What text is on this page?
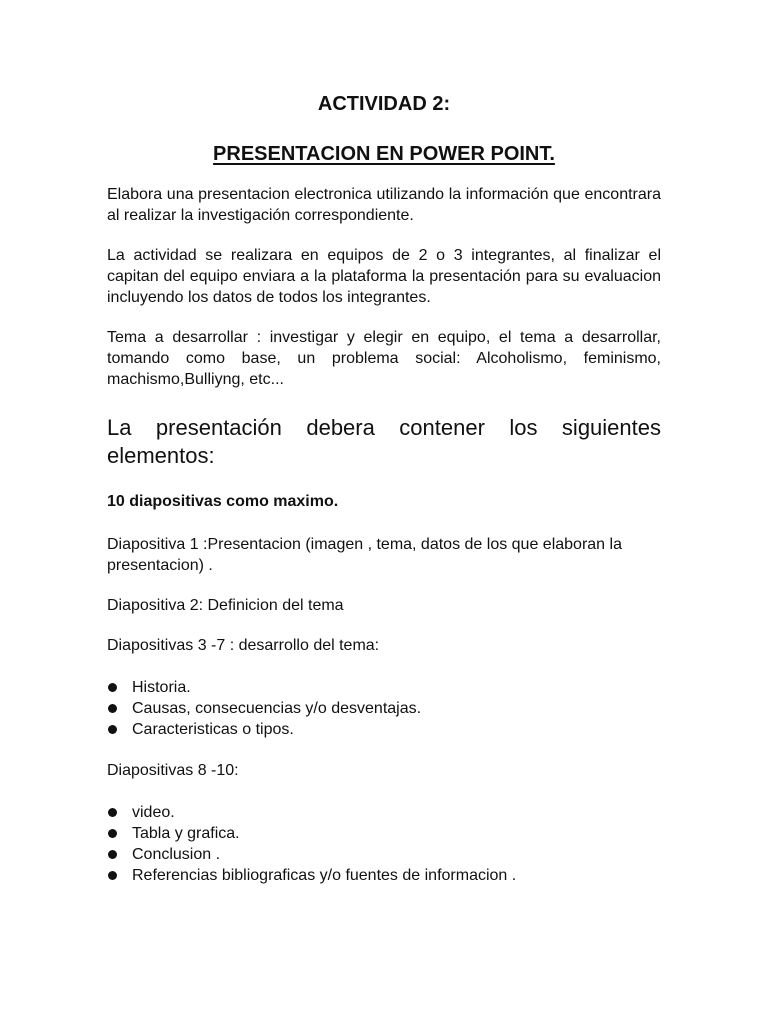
ACTIVIDAD 2:
PRESENTACION EN POWER POINT.

Elabora una presentacion electronica utilizando la información que encontrara al realizar la investigación correspondiente.

La actividad se realizara en equipos de 2 o 3 integrantes, al finalizar el capitan del equipo enviara a la plataforma la presentación para su evaluacion incluyendo los datos de todos los integrantes.

Tema a desarrollar : investigar y elegir en equipo, el tema a desarrollar, tomando como base, un problema social: Alcoholismo, feminismo, machismo,Bulliyng, etc...

La presentación debera contener los siguientes elementos:
10 diapositivas como maximo.

Diapositiva 1 :Presentacion (imagen , tema, datos de los que elaboran la presentacion) .

Diapositiva 2: Definicion del tema

Diapositivas 3 -7 : desarrollo del tema:

Historia.
Causas, consecuencias y/o desventajas.
Caracteristicas o tipos.

Diapositivas 8 -10:

video.
Tabla y grafica.
Conclusion .
Referencias bibliograficas y/o fuentes de informacion .
